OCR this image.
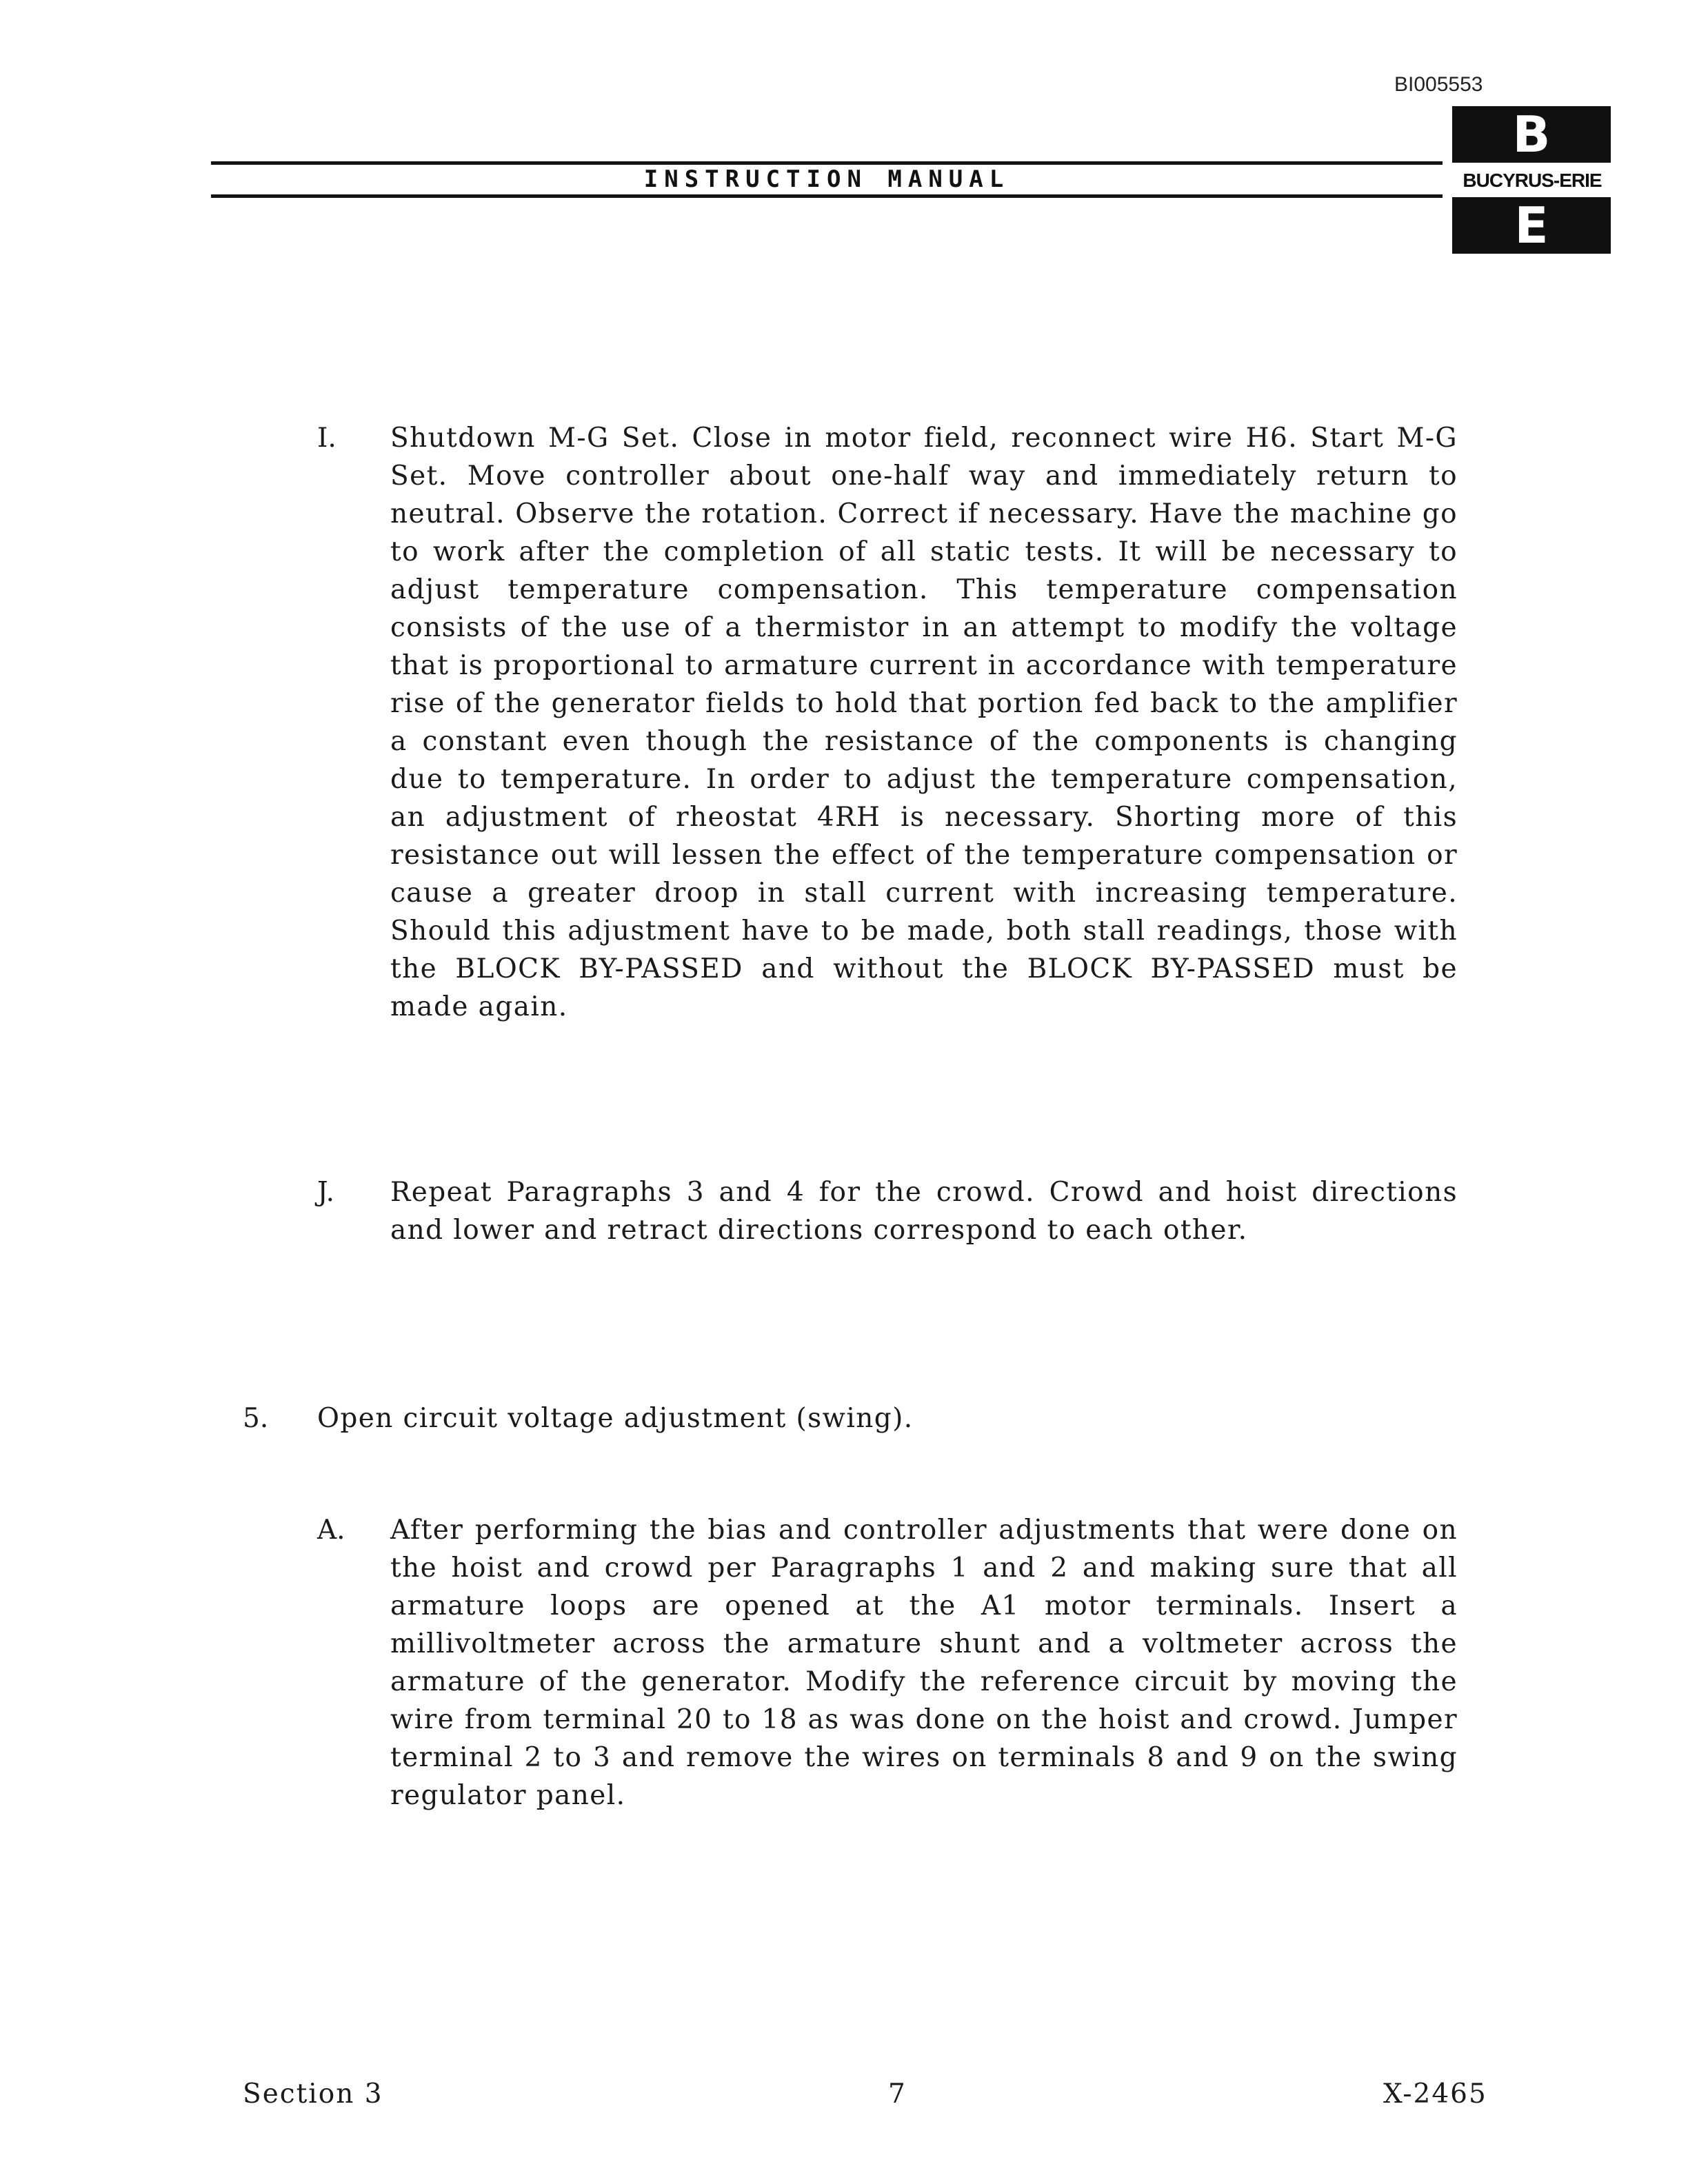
BI005553
INSTRUCTION MANUAL
B
BUCYRUS-ERIE
E
I. Shutdown M-G Set. Close in motor field, reconnect wire H6. Start M-G Set. Move controller about one-half way and immediately return to neutral. Observe the rotation. Correct if necessary. Have the machine go to work after the completion of all static tests. It will be necessary to adjust temperature compensation. This temperature compensation consists of the use of a thermistor in an attempt to modify the voltage that is proportional to armature current in accordance with temperature rise of the generator fields to hold that portion fed back to the amplifier a constant even though the resistance of the components is changing due to temperature. In order to adjust the temperature compensation, an adjustment of rheostat 4RH is necessary. Shorting more of this resistance out will lessen the effect of the temperature compensation or cause a greater droop in stall current with increasing temperature. Should this adjustment have to be made, both stall readings, those with the BLOCK BY-PASSED and without the BLOCK BY-PASSED must be made again.
J. Repeat Paragraphs 3 and 4 for the crowd. Crowd and hoist directions and lower and retract directions correspond to each other.
5. Open circuit voltage adjustment (swing).
A. After performing the bias and controller adjustments that were done on the hoist and crowd per Paragraphs 1 and 2 and making sure that all armature loops are opened at the A1 motor terminals. Insert a millivoltmeter across the armature shunt and a voltmeter across the armature of the generator. Modify the reference circuit by moving the wire from terminal 20 to 18 as was done on the hoist and crowd. Jumper terminal 2 to 3 and remove the wires on terminals 8 and 9 on the swing regulator panel.
Section 3	7	X-2465
